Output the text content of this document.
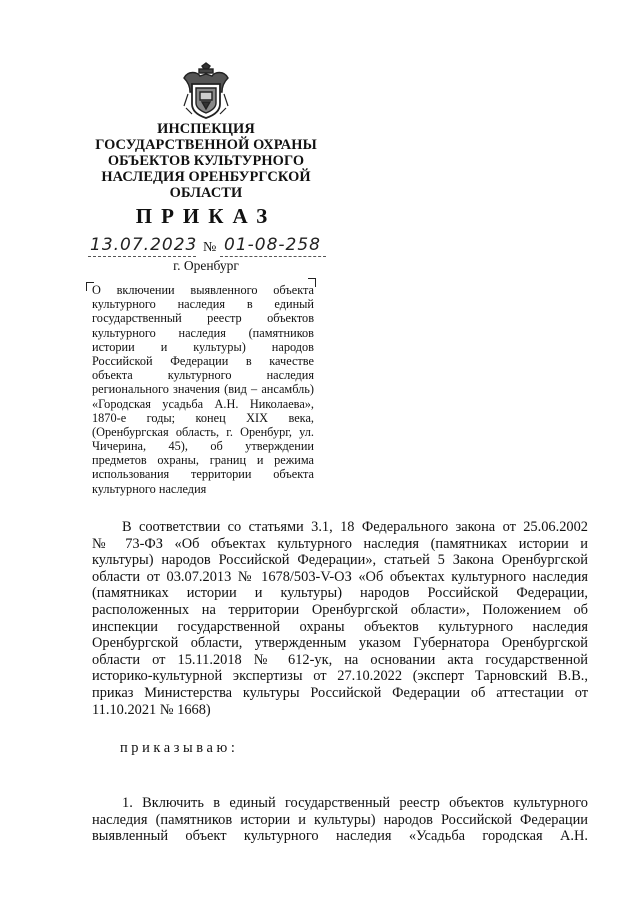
ИНСПЕКЦИЯ
ГОСУДАРСТВЕННОЙ ОХРАНЫ
ОБЪЕКТОВ КУЛЬТУРНОГО
НАСЛЕДИЯ ОРЕНБУРГСКОЙ
ОБЛАСТИ
ПРИКАЗ
13.07.2023 № 01-08-258
г. Оренбург
О включении выявленного объекта
культурного наследия в единый
государственный реестр объектов
культурного наследия (памятников
истории и культуры) народов
Российской Федерации в качестве
объекта культурного наследия
регионального значения (вид – ансамбль)
«Городская усадьба А.Н. Николаева»,
1870-е годы; конец XIX века,
(Оренбургская область, г. Оренбург, ул.
Чичерина, 45), об утверждении
предметов охраны, границ и режима
использования территории объекта
культурного наследия
В соответствии со статьями 3.1, 18 Федерального закона от 25.06.2002
№ 73-ФЗ «Об объектах культурного наследия (памятниках истории и
культуры) народов Российской Федерации», статьей 5 Закона Оренбургской
области от 03.07.2013 № 1678/503-V-ОЗ «Об объектах культурного наследия
(памятниках истории и культуры) народов Российской Федерации,
расположенных на территории Оренбургской области», Положением об
инспекции государственной охраны объектов культурного наследия
Оренбургской области, утвержденным указом Губернатора Оренбургской
области от 15.11.2018 № 612-ук, на основании акта государственной
историко-культурной экспертизы от 27.10.2022 (эксперт Тарновский В.В.,
приказ Министерства культуры Российской Федерации об аттестации от
11.10.2021 № 1668)
приказываю:
1. Включить в единый государственный реестр объектов культурного
наследия (памятников истории и культуры) народов Российской Федерации
выявленный объект культурного наследия «Усадьба городская А.Н.
